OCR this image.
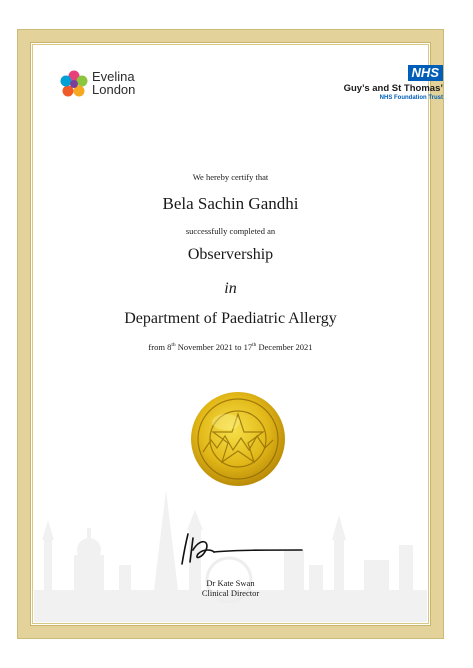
Evelina
London
NHS
Guy’s and St Thomas’
NHS Foundation Trust
We hereby certify that
Bela Sachin Gandhi
successfully completed an
Observership
in
Department of Paediatric Allergy
from 8th November 2021 to 17th December 2021
Dr Kate Swan
Clinical Director
